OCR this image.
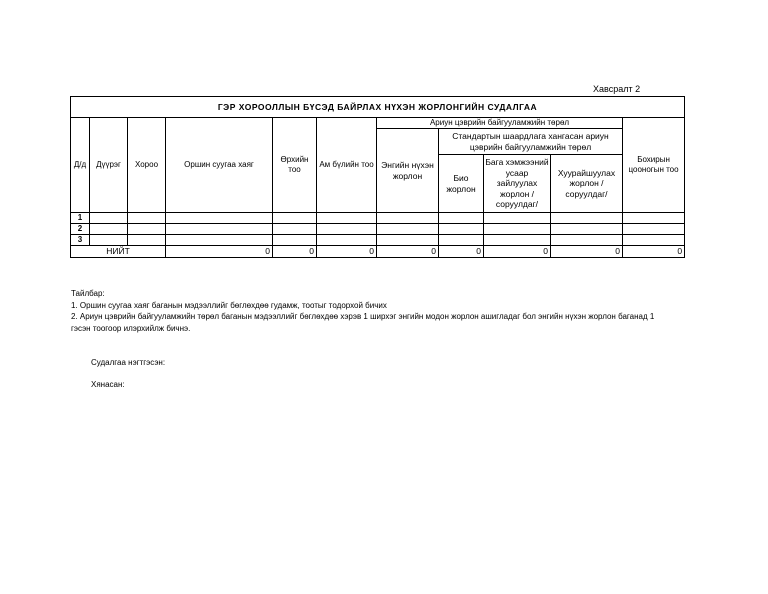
Хавсралт 2
ГЭР ХОРООЛЛЫН БҮСЭД БАЙРЛАХ НҮХЭН ЖОРЛОНГИЙН СУДАЛГАА										
Д/д	Дүүрэг	Хороо	Оршин суугаа хаяг	Өрхийн тоо	Ам бүлийн тоо	Ариун цэврийн байгууламжийн төрөл				Бохирын цооногын тоо
						Энгийн нүхэн жорлон	Стандартын шаардлага хангасан ариун цэврийн байгууламжийн төрөл			
							Био жорлон	Бага хэмжээний усаар зайлуулах жорлон /соруулдаг/	Хуурайшуулах жорлон /соруулдаг/	
1										
2										
3										
НИЙТ			0	0	0	0	0	0	0	0
Тайлбар:
1. Оршин суугаа хаяг баганын мэдээллийг бөглөхдөө гудамж, тоотыг тодорхой бичих
2. Ариун цэврийн байгууламжийн төрөл баганын мэдээллийг бөглөхдөө хэрэв 1 ширхэг энгийн модон жорлон ашигладаг бол энгийн нүхэн жорлон баганад 1 гэсэн тоогоор илэрхийлж бичнэ.
Судалгаа нэгтгэсэн:
Хянасан:
